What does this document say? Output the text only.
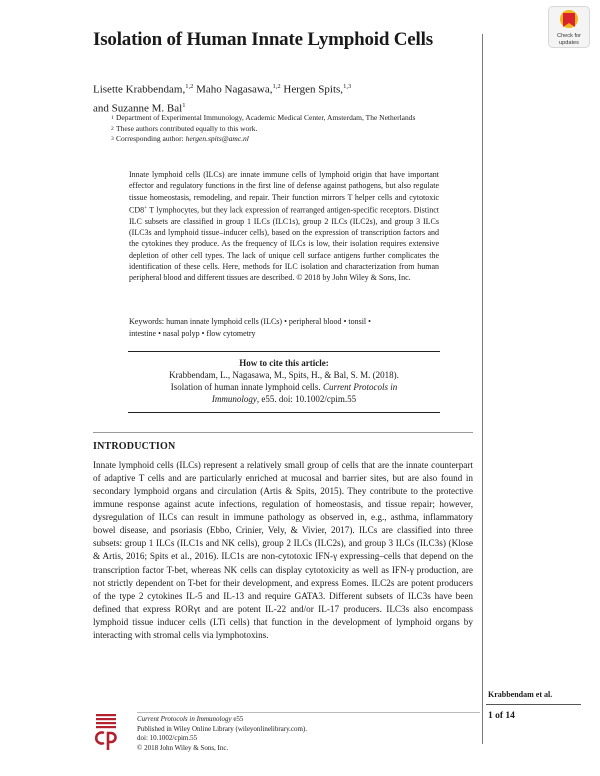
Check for
updates
Isolation of Human Innate Lymphoid Cells
Lisette Krabbendam,$^{1,2}$ Maho Nagasawa,$^{1,2}$ Hergen Spits,$^{1,3}$
and Suzanne M. Bal$^1$
1 Department of Experimental Immunology, Academic Medical Center, Amsterdam, The Netherlands
2 These authors contributed equally to this work.
3 Corresponding author: hergen.spits@amc.nl
Innate lymphoid cells (ILCs) are innate immune cells of lymphoid origin that have important effector and regulatory functions in the first line of defense against pathogens, but also regulate tissue homeostasis, remodeling, and repair. Their function mirrors T helper cells and cytotoxic CD8+ T lymphocytes, but they lack expression of rearranged antigen-specific receptors. Distinct ILC subsets are classified in group 1 ILCs (ILC1s), group 2 ILCs (ILC2s), and group 3 ILCs (ILC3s and lymphoid tissue–inducer cells), based on the expression of transcription factors and the cytokines they produce. As the frequency of ILCs is low, their isolation requires extensive depletion of other cell types. The lack of unique cell surface antigens further complicates the identification of these cells. Here, methods for ILC isolation and characterization from human peripheral blood and different tissues are described. © 2018 by John Wiley & Sons, Inc.
Keywords: human innate lymphoid cells (ILCs) • peripheral blood • tonsil •
intestine • nasal polyp • flow cytometry
How to cite this article:
Krabbendam, L., Nagasawa, M., Spits, H., & Bal, S. M. (2018).
Isolation of human innate lymphoid cells. Current Protocols in
Immunology, e55. doi: 10.1002/cpim.55
INTRODUCTION
Innate lymphoid cells (ILCs) represent a relatively small group of cells that are the innate counterpart of adaptive T cells and are particularly enriched at mucosal and barrier sites, but are also found in secondary lymphoid organs and circulation (Artis & Spits, 2015). They contribute to the protective immune response against acute infections, regulation of homeostasis, and tissue repair; however, dysregulation of ILCs can result in immune pathology as observed in, e.g., asthma, inflammatory bowel disease, and psoriasis (Ebbo, Crinier, Vely, & Vivier, 2017). ILCs are classified into three subsets: group 1 ILCs (ILC1s and NK cells), group 2 ILCs (ILC2s), and group 3 ILCs (ILC3s) (Klose & Artis, 2016; Spits et al., 2016). ILC1s are non-cytotoxic IFN-γ expressing–cells that depend on the transcription factor T-bet, whereas NK cells can display cytotoxicity as well as IFN-γ production, are not strictly dependent on T-bet for their development, and express Eomes. ILC2s are potent producers of the type 2 cytokines IL-5 and IL-13 and require GATA3. Different subsets of ILC3s have been defined that express RORγt and are potent IL-22 and/or IL-17 producers. ILC3s also encompass lymphoid tissue inducer cells (LTi cells) that function in the development of lymphoid organs by interacting with stromal cells via lymphotoxins.
Krabbendam et al.
1 of 14
Current Protocols in Immunology e55
Published in Wiley Online Library (wileyonlinelibrary.com).
doi: 10.1002/cpim.55
© 2018 John Wiley & Sons, Inc.
